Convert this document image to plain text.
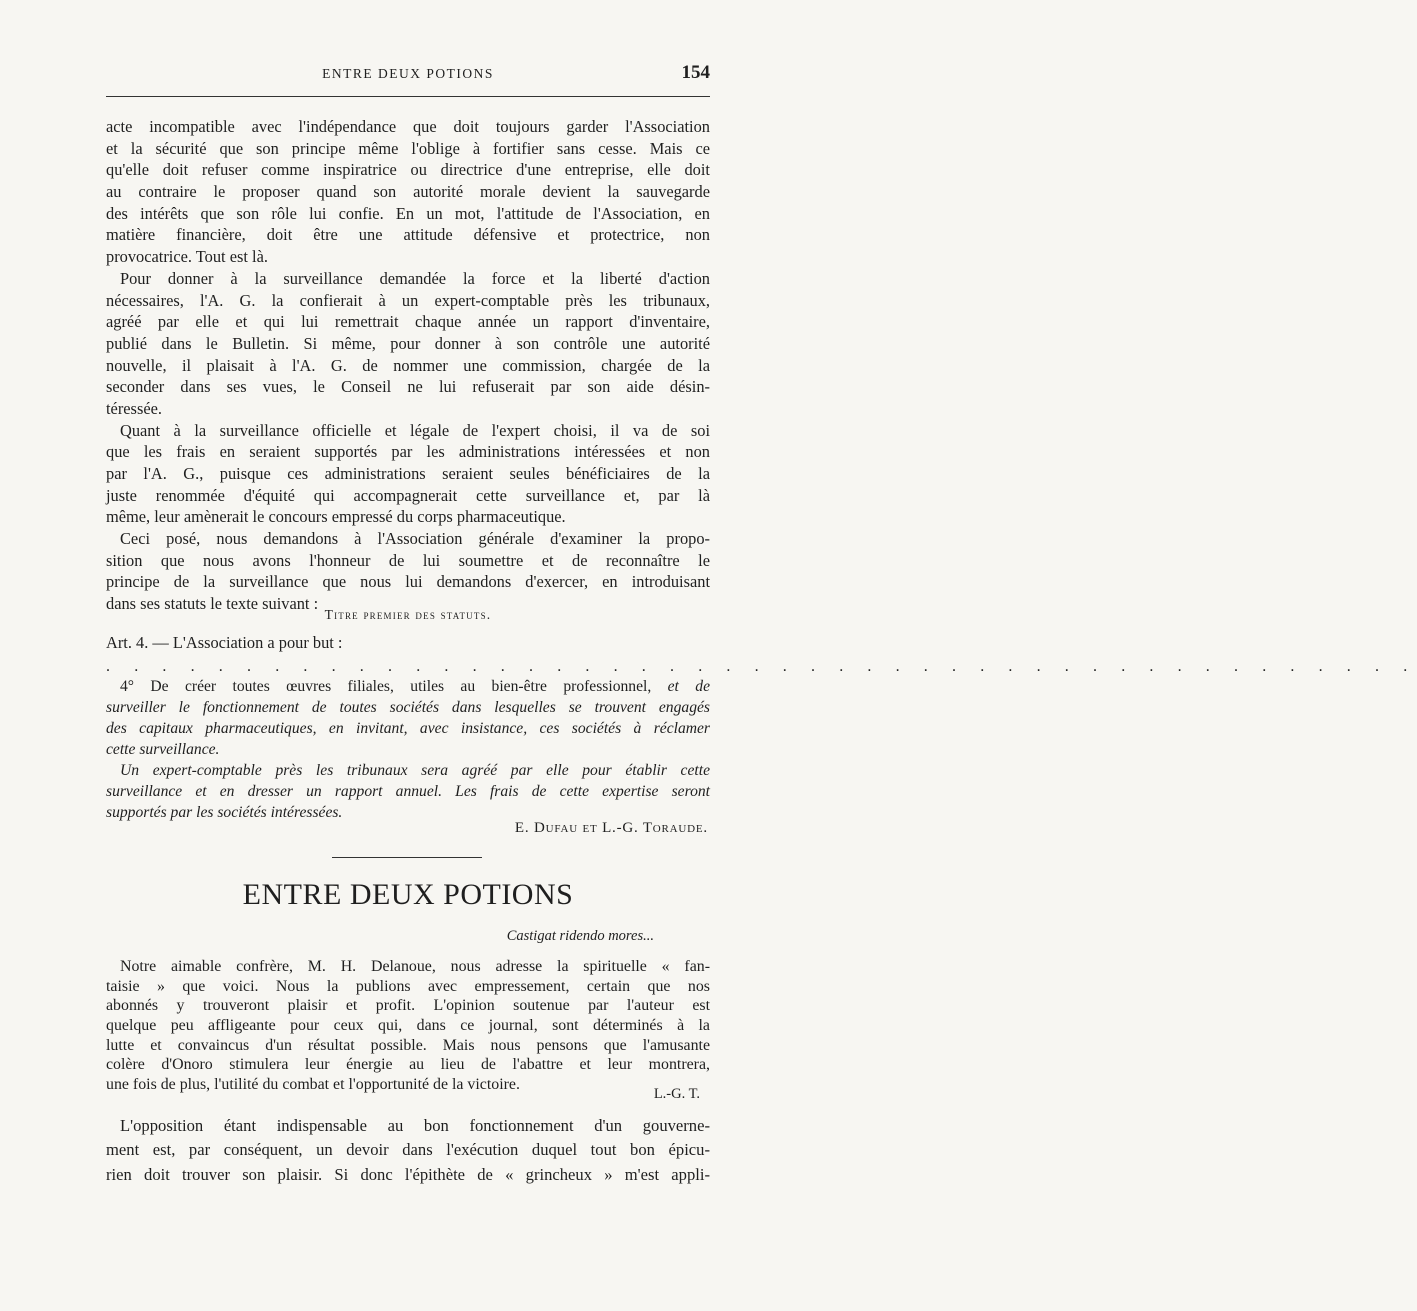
ENTRE DEUX POTIONS	154
acte incompatible avec l'indépendance que doit toujours garder l'Association
et la sécurité que son principe même l'oblige à fortifier sans cesse. Mais ce
qu'elle doit refuser comme inspiratrice ou directrice d'une entreprise, elle doit
au contraire le proposer quand son autorité morale devient la sauvegarde
des intérêts que son rôle lui confie. En un mot, l'attitude de l'Association, en
matière financière, doit être une attitude défensive et protectrice, non
provocatrice. Tout est là.
Pour donner à la surveillance demandée la force et la liberté d'action
nécessaires, l'A. G. la confierait à un expert-comptable près les tribunaux,
agréé par elle et qui lui remettrait chaque année un rapport d'inventaire,
publié dans le Bulletin. Si même, pour donner à son contrôle une autorité
nouvelle, il plaisait à l'A. G. de nommer une commission, chargée de la
seconder dans ses vues, le Conseil ne lui refuserait par son aide désin-
téressée.
Quant à la surveillance officielle et légale de l'expert choisi, il va de soi
que les frais en seraient supportés par les administrations intéressées et non
par l'A. G., puisque ces administrations seraient seules bénéficiaires de la
juste renommée d'équité qui accompagnerait cette surveillance et, par là
même, leur amènerait le concours empressé du corps pharmaceutique.
Ceci posé, nous demandons à l'Association générale d'examiner la propo-
sition que nous avons l'honneur de lui soumettre et de reconnaître le
principe de la surveillance que nous lui demandons d'exercer, en introduisant
dans ses statuts le texte suivant :
Titre premier des statuts.
Art. 4. — L'Association a pour but :
. . . . . . . . . . . . . . . . . . . . . . . . . . . . . . . . . . . . . . . . . . . . . . .
4° De créer toutes œuvres filiales, utiles au bien-être professionnel, et de
surveiller le fonctionnement de toutes sociétés dans lesquelles se trouvent engagés
des capitaux pharmaceutiques, en invitant, avec insistance, ces sociétés à réclamer
cette surveillance.
Un expert-comptable près les tribunaux sera agréé par elle pour établir cette
surveillance et en dresser un rapport annuel. Les frais de cette expertise seront
supportés par les sociétés intéressées.
E. Dufau et L.-G. Toraude.
ENTRE DEUX POTIONS
Castigat ridendo mores...
Notre aimable confrère, M. H. Delanoue, nous adresse la spirituelle « fan-
taisie » que voici. Nous la publions avec empressement, certain que nos
abonnés y trouveront plaisir et profit. L'opinion soutenue par l'auteur est
quelque peu affligeante pour ceux qui, dans ce journal, sont déterminés à la
lutte et convaincus d'un résultat possible. Mais nous pensons que l'amusante
colère d'Onoro stimulera leur énergie au lieu de l'abattre et leur montrera,
une fois de plus, l'utilité du combat et l'opportunité de la victoire.
L.-G. T.
L'opposition étant indispensable au bon fonctionnement d'un gouverne-
ment est, par conséquent, un devoir dans l'exécution duquel tout bon épicu-
rien doit trouver son plaisir. Si donc l'épithète de « grincheux » m'est appli-
